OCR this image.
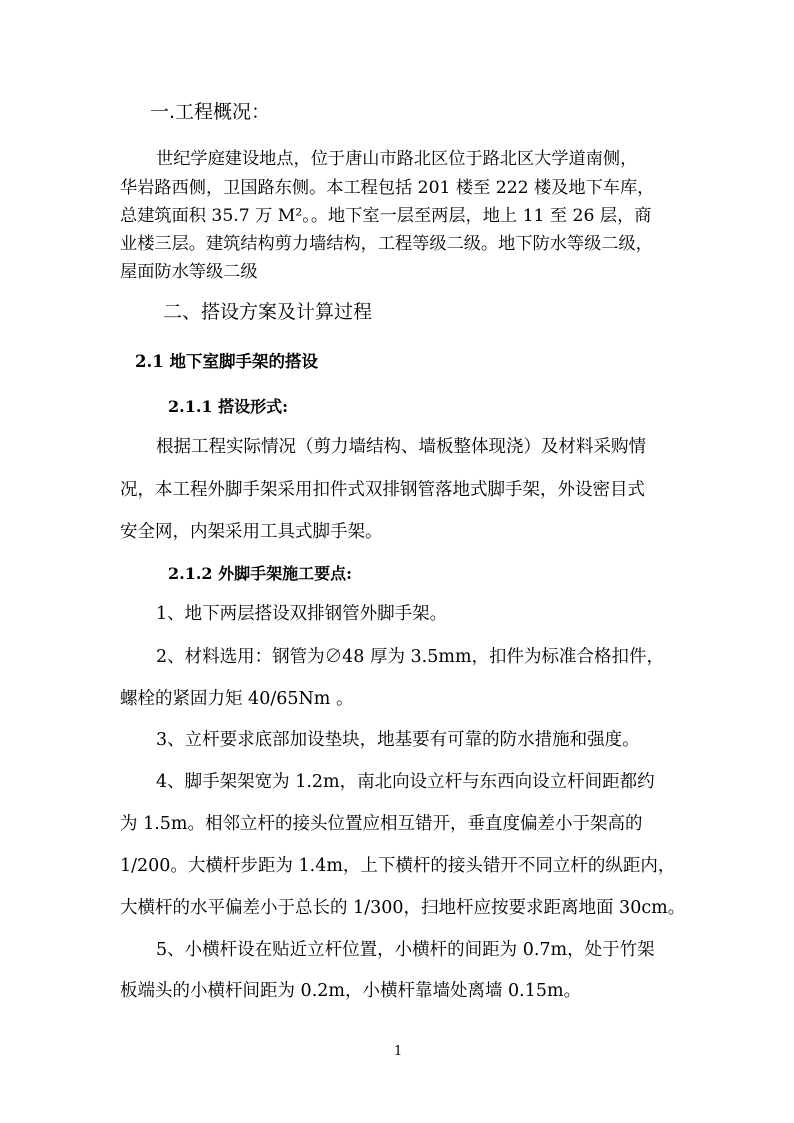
一.工程概况：
世纪学庭建设地点，位于唐山市路北区位于路北区大学道南侧，
华岩路西侧，卫国路东侧。本工程包括 201 楼至 222 楼及地下车库，
总建筑面积 35.7 万 M²。。地下室一层至两层，地上 11 至 26 层，商
业楼三层。建筑结构剪力墙结构，工程等级二级。地下防水等级二级，
屋面防水等级二级
二、搭设方案及计算过程
2.1 地下室脚手架的搭设
2.1.1 搭设形式:
根据工程实际情况（剪力墙结构、墙板整体现浇）及材料采购情
况，本工程外脚手架采用扣件式双排钢管落地式脚手架，外设密目式
安全网，内架采用工具式脚手架。
2.1.2 外脚手架施工要点:
1、地下两层搭设双排钢管外脚手架。
2、材料选用：钢管为∅48 厚为 3.5mm，扣件为标准合格扣件，
螺栓的紧固力矩 40/65Nm 。
3、立杆要求底部加设垫块，地基要有可靠的防水措施和强度。
4、脚手架架宽为 1.2m，南北向设立杆与东西向设立杆间距都约
为 1.5m。相邻立杆的接头位置应相互错开，垂直度偏差小于架高的
1/200。大横杆步距为 1.4m，上下横杆的接头错开不同立杆的纵距内，
大横杆的水平偏差小于总长的 1/300，扫地杆应按要求距离地面 30cm。
5、小横杆设在贴近立杆位置，小横杆的间距为 0.7m，处于竹架
板端头的小横杆间距为 0.2m，小横杆靠墙处离墙 0.15m。
1
